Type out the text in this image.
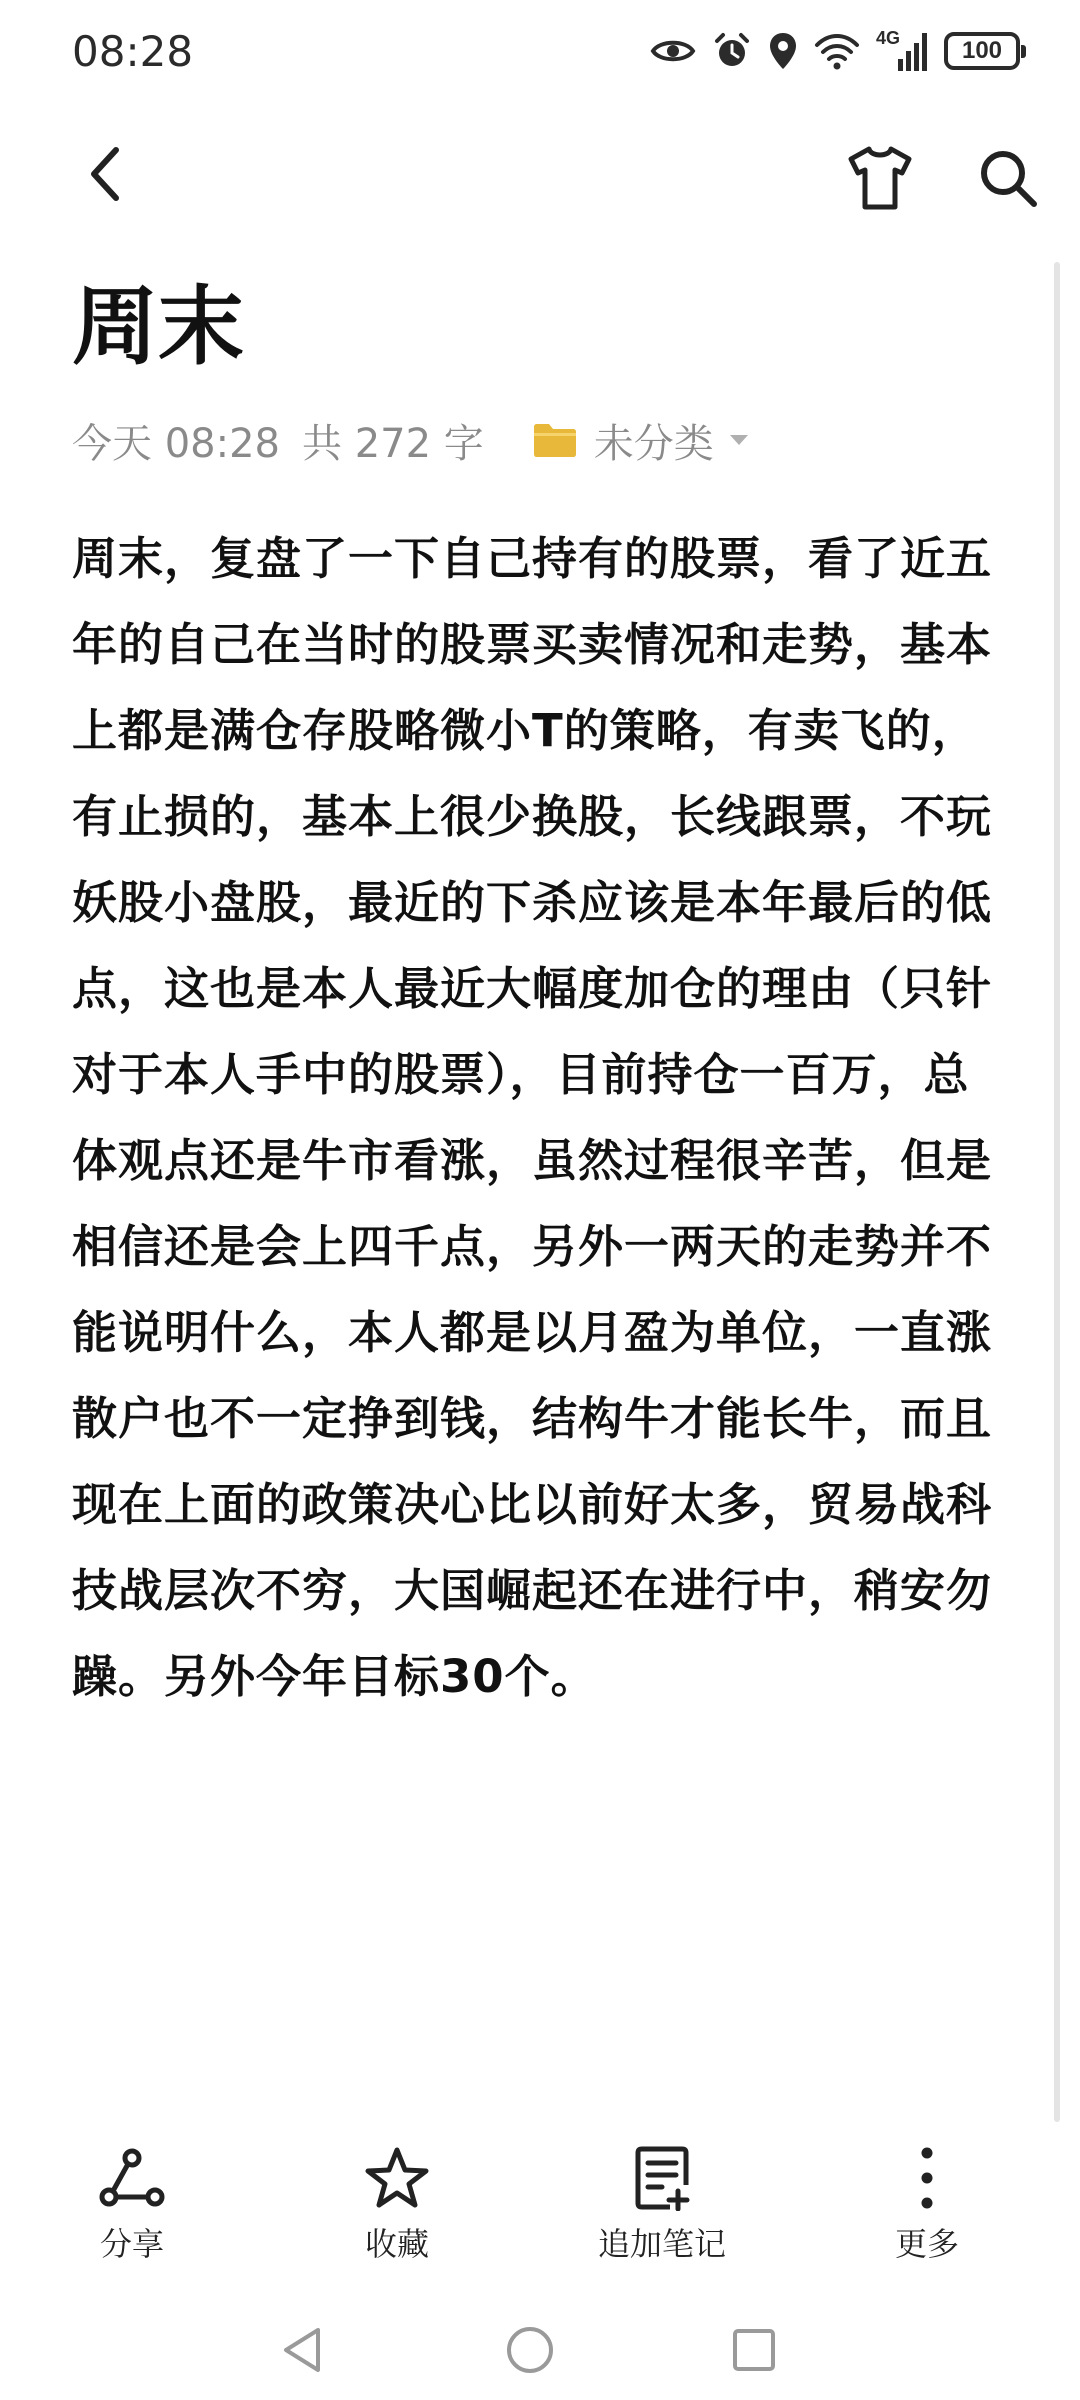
08:28	4G	100
周末
今天 08:28 共 272 字	未分类

周末，复盘了一下自己持有的股票，看了近五年的自己在当时的股票买卖情况和走势，基本上都是满仓存股略微小T的策略，有卖飞的，有止损的，基本上很少换股，长线跟票，不玩妖股小盘股，最近的下杀应该是本年最后的低点，这也是本人最近大幅度加仓的理由（只针对于本人手中的股票），目前持仓一百万，总体观点还是牛市看涨，虽然过程很辛苦，但是相信还是会上四千点，另外一两天的走势并不能说明什么，本人都是以月盈为单位，一直涨散户也不一定挣到钱，结构牛才能长牛，而且现在上面的政策决心比以前好太多，贸易战科技战层次不穷，大国崛起还在进行中，稍安勿躁。另外今年目标30个。

分享	收藏	追加笔记	更多
